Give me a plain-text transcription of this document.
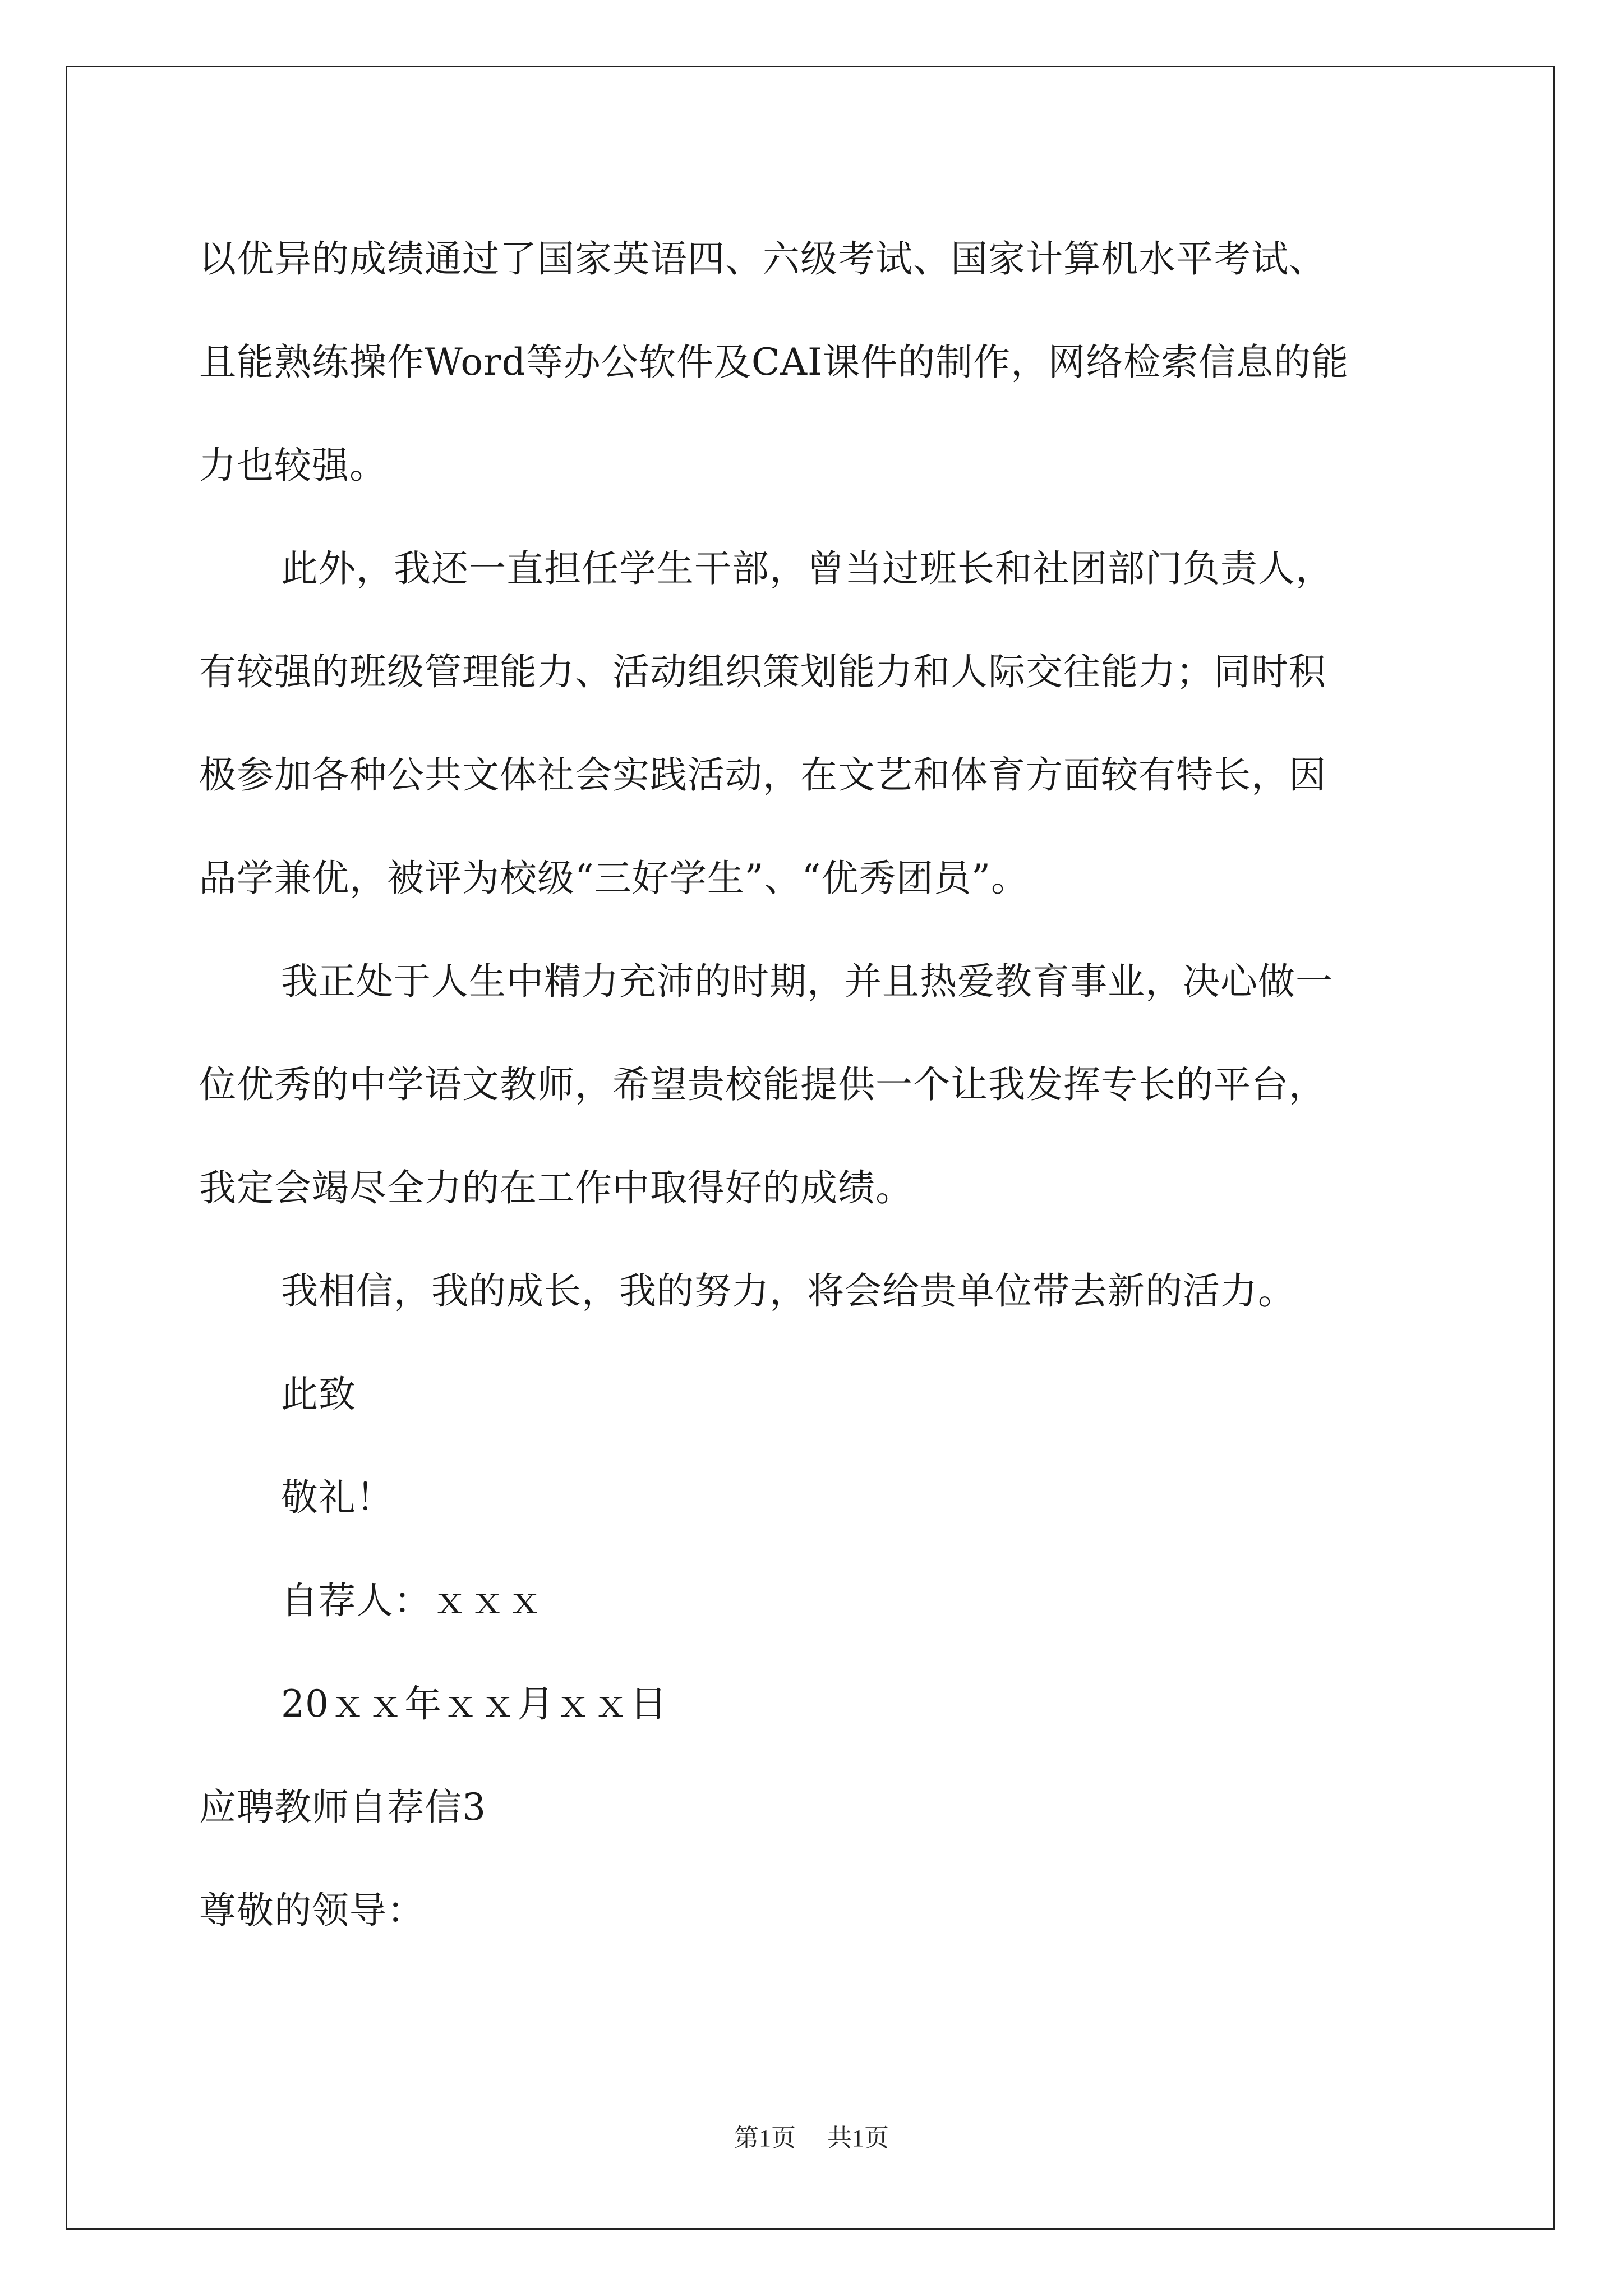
以优异的成绩通过了国家英语四、六级考试、国家计算机水平考试、
且能熟练操作Word等办公软件及CAI课件的制作，网络检索信息的能
力也较强。
此外，我还一直担任学生干部，曾当过班长和社团部门负责人，
有较强的班级管理能力、活动组织策划能力和人际交往能力；同时积
极参加各种公共文体社会实践活动，在文艺和体育方面较有特长，因
品学兼优，被评为校级“三好学生”、“优秀团员”。
我正处于人生中精力充沛的时期，并且热爱教育事业，决心做一
位优秀的中学语文教师，希望贵校能提供一个让我发挥专长的平台，
我定会竭尽全力的在工作中取得好的成绩。
我相信，我的成长，我的努力，将会给贵单位带去新的活力。
此致
敬礼！
自荐人：ｘｘｘ
20ｘｘ年ｘｘ月ｘｘ日
应聘教师自荐信3
尊敬的领导：
第1页 共1页
